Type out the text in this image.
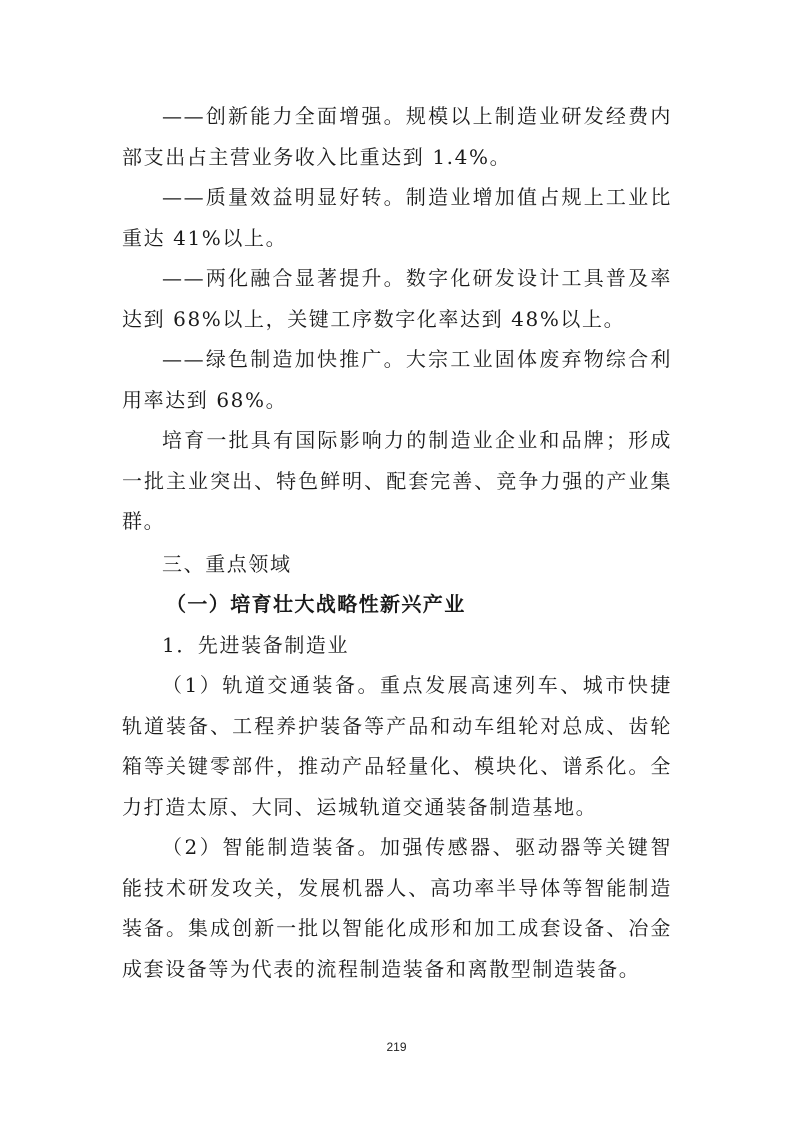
——创新能力全面增强。规模以上制造业研发经费内部支出占主营业务收入比重达到 1.4%。

——质量效益明显好转。制造业增加值占规上工业比重达 41%以上。

——两化融合显著提升。数字化研发设计工具普及率达到 68%以上，关键工序数字化率达到 48%以上。

——绿色制造加快推广。大宗工业固体废弃物综合利用率达到 68%。

培育一批具有国际影响力的制造业企业和品牌；形成一批主业突出、特色鲜明、配套完善、竞争力强的产业集群。

三、重点领域

（一）培育壮大战略性新兴产业

1．先进装备制造业

（1）轨道交通装备。重点发展高速列车、城市快捷轨道装备、工程养护装备等产品和动车组轮对总成、齿轮箱等关键零部件，推动产品轻量化、模块化、谱系化。全力打造太原、大同、运城轨道交通装备制造基地。

（2）智能制造装备。加强传感器、驱动器等关键智能技术研发攻关，发展机器人、高功率半导体等智能制造装备。集成创新一批以智能化成形和加工成套设备、冶金成套设备等为代表的流程制造装备和离散型制造装备。

219
